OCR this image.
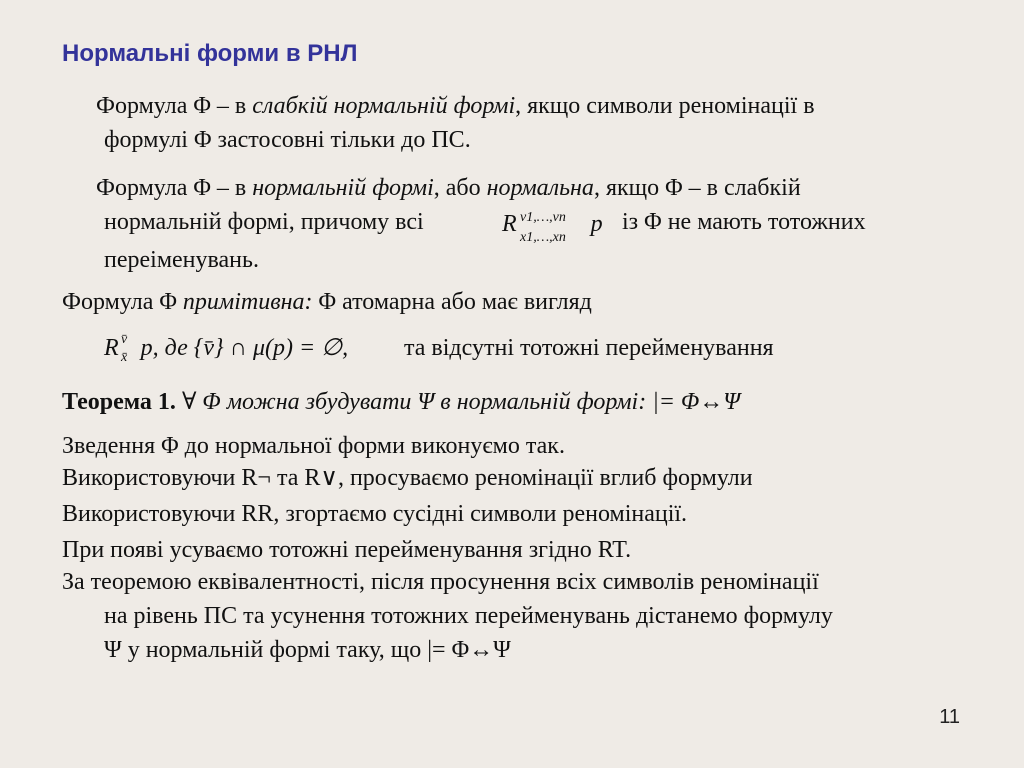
Нормальні форми в РНЛ
Формула Φ – в слабкій нормальній формі, якщо символи реномінації в
формулі Φ застосовні тільки до ПС.
Формула Φ – в нормальній формі, або нормальна, якщо Φ – в слабкій
нормальній формі, причому всі	R v1,…,vn
x1,…,xn
p із Φ не мають тотожних
переіменувань.
Формула Φ примітивна: Φ атомарна або має вигляд
R v̄
x̄ p, де {v̄} ∩ μ(p) = ∅, та відсутні тотожні перейменування
Теорема 1. ∀ Φ можна збудувати Ψ в нормальній формі: |= Φ↔Ψ
Зведення Φ до нормальної форми виконуємо так.
Використовуючи R¬ та R∨, просуваємо реномінації вглиб формули
Використовуючи RR, згортаємо сусідні символи реномінації.
При появі усуваємо тотожні перейменування згідно RT.
За теоремою еквівалентності, після просунення всіх символів реномінації
на рівень ПС та усунення тотожних перейменувань дістанемо формулу
Ψ у нормальній формі таку, що |= Φ↔Ψ
11
